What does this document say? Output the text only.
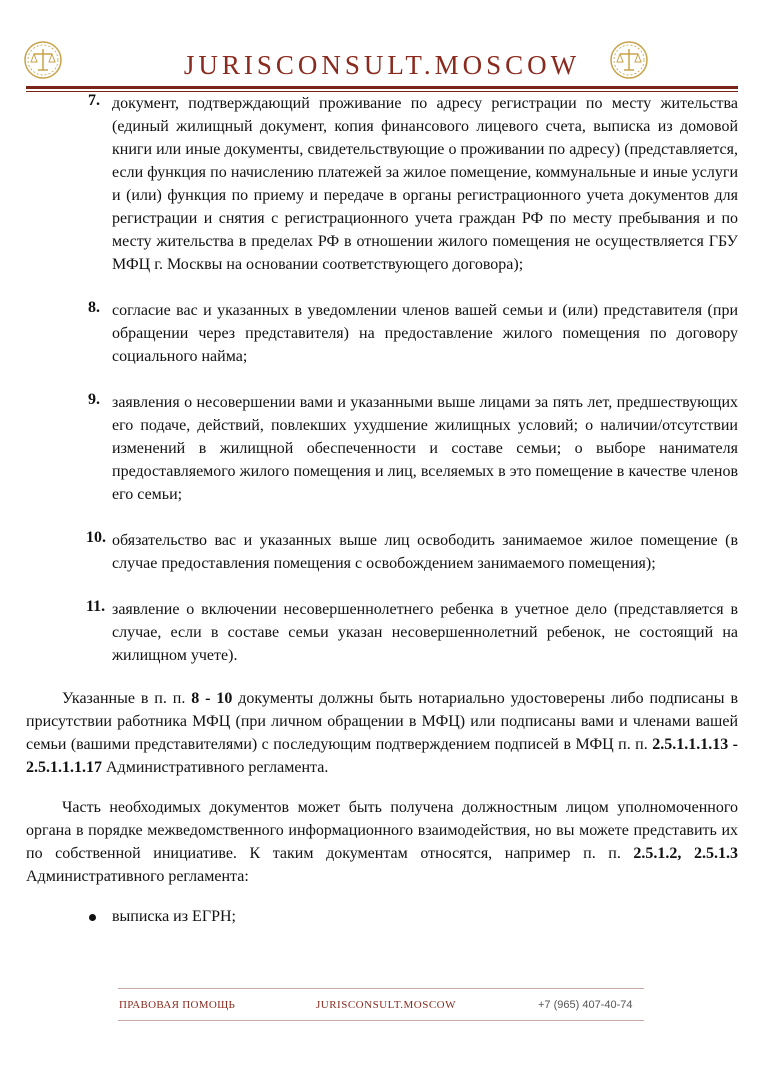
JURISCONSULT.MOSCOW
7. документ, подтверждающий проживание по адресу регистрации по месту жительства (единый жилищный документ, копия финансового лицевого счета, выписка из домовой книги или иные документы, свидетельствующие о проживании по адресу) (представляется, если функция по начислению платежей за жилое помещение, коммунальные и иные услуги и (или) функция по приему и передаче в органы регистрационного учета документов для регистрации и снятия с регистрационного учета граждан РФ по месту пребывания и по месту жительства в пределах РФ в отношении жилого помещения не осуществляется ГБУ МФЦ г. Москвы на основании соответствующего договора);
8. согласие вас и указанных в уведомлении членов вашей семьи и (или) представителя (при обращении через представителя) на предоставление жилого помещения по договору социального найма;
9. заявления о несовершении вами и указанными выше лицами за пять лет, предшествующих его подаче, действий, повлекших ухудшение жилищных условий; о наличии/отсутствии изменений в жилищной обеспеченности и составе семьи; о выборе нанимателя предоставляемого жилого помещения и лиц, вселяемых в это помещение в качестве членов его семьи;
10. обязательство вас и указанных выше лиц освободить занимаемое жилое помещение (в случае предоставления помещения с освобождением занимаемого помещения);
11. заявление о включении несовершеннолетнего ребенка в учетное дело (представляется в случае, если в составе семьи указан несовершеннолетний ребенок, не состоящий на жилищном учете).

Указанные в п. п. 8 - 10 документы должны быть нотариально удостоверены либо подписаны в присутствии работника МФЦ (при личном обращении в МФЦ) или подписаны вами и членами вашей семьи (вашими представителями) с последующим подтверждением подписей в МФЦ п. п. 2.5.1.1.1.13 - 2.5.1.1.1.17 Административного регламента.

Часть необходимых документов может быть получена должностным лицом уполномоченного органа в порядке межведомственного информационного взаимодействия, но вы можете представить их по собственной инициативе. К таким документам относятся, например п. п. 2.5.1.2, 2.5.1.3 Административного регламента:

выписка из ЕГРН;
ПРАВОВАЯ ПОМОЩЬ	JURISCONSULT.MOSCOW	+7 (965) 407-40-74
